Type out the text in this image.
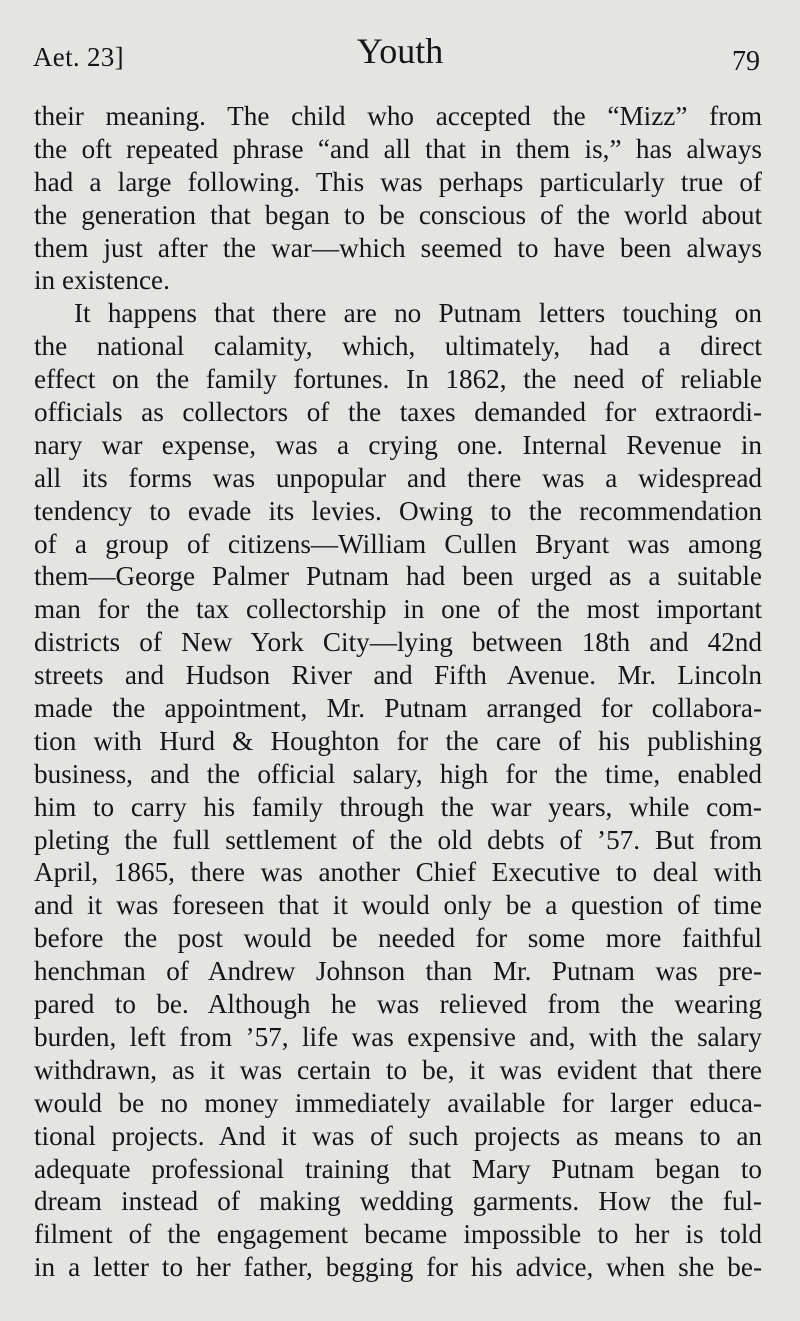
Aet. 23]	Youth	79
their meaning. The child who accepted the “Mizz” from
the oft repeated phrase “and all that in them is,” has always
had a large following. This was perhaps particularly true of
the generation that began to be conscious of the world about
them just after the war—which seemed to have been always
in existence.
It happens that there are no Putnam letters touching on
the national calamity, which, ultimately, had a direct
effect on the family fortunes. In 1862, the need of reliable
officials as collectors of the taxes demanded for extraordi-
nary war expense, was a crying one. Internal Revenue in
all its forms was unpopular and there was a widespread
tendency to evade its levies. Owing to the recommendation
of a group of citizens—William Cullen Bryant was among
them—George Palmer Putnam had been urged as a suitable
man for the tax collectorship in one of the most important
districts of New York City—lying between 18th and 42nd
streets and Hudson River and Fifth Avenue. Mr. Lincoln
made the appointment, Mr. Putnam arranged for collabora-
tion with Hurd & Houghton for the care of his publishing
business, and the official salary, high for the time, enabled
him to carry his family through the war years, while com-
pleting the full settlement of the old debts of ’57. But from
April, 1865, there was another Chief Executive to deal with
and it was foreseen that it would only be a question of time
before the post would be needed for some more faithful
henchman of Andrew Johnson than Mr. Putnam was pre-
pared to be. Although he was relieved from the wearing
burden, left from ’57, life was expensive and, with the salary
withdrawn, as it was certain to be, it was evident that there
would be no money immediately available for larger educa-
tional projects. And it was of such projects as means to an
adequate professional training that Mary Putnam began to
dream instead of making wedding garments. How the ful-
filment of the engagement became impossible to her is told
in a letter to her father, begging for his advice, when she be-
